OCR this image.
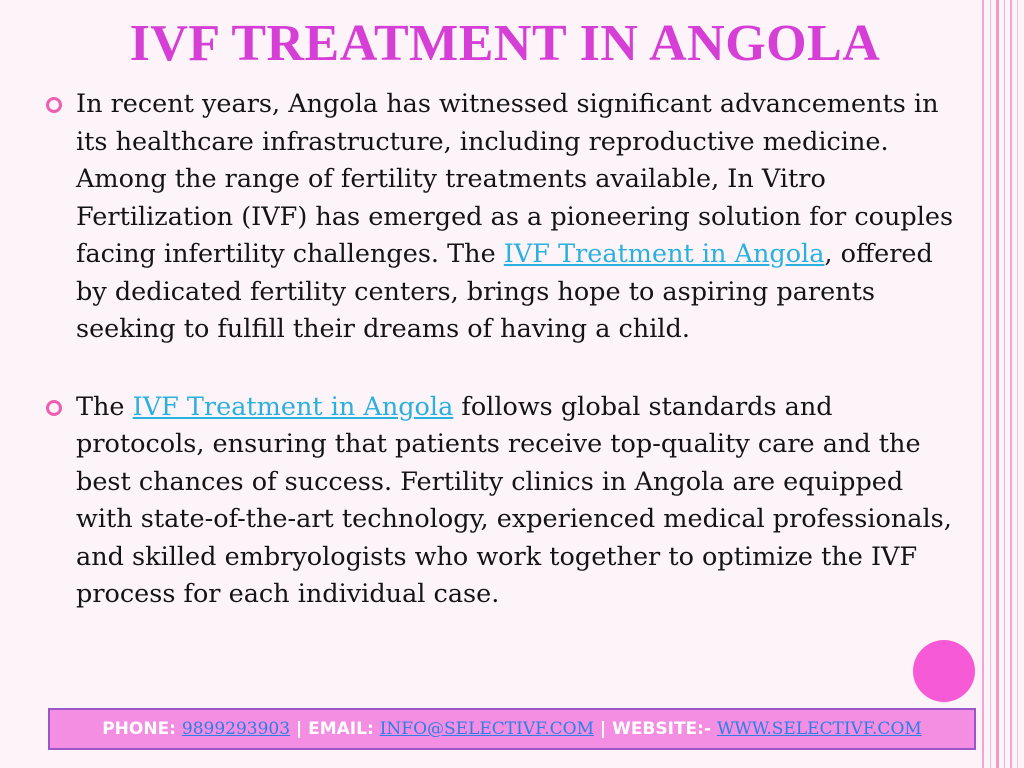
IVF TREATMENT IN ANGOLA
In recent years, Angola has witnessed significant advancements in its healthcare infrastructure, including reproductive medicine. Among the range of fertility treatments available, In Vitro Fertilization (IVF) has emerged as a pioneering solution for couples facing infertility challenges. The IVF Treatment in Angola, offered by dedicated fertility centers, brings hope to aspiring parents seeking to fulfill their dreams of having a child.
The IVF Treatment in Angola follows global standards and protocols, ensuring that patients receive top-quality care and the best chances of success. Fertility clinics in Angola are equipped with state-of-the-art technology, experienced medical professionals, and skilled embryologists who work together to optimize the IVF process for each individual case.
PHONE: 9899293903 | EMAIL: INFO@SELECTIVF.COM | WEBSITE:- WWW.SELECTIVF.COM
